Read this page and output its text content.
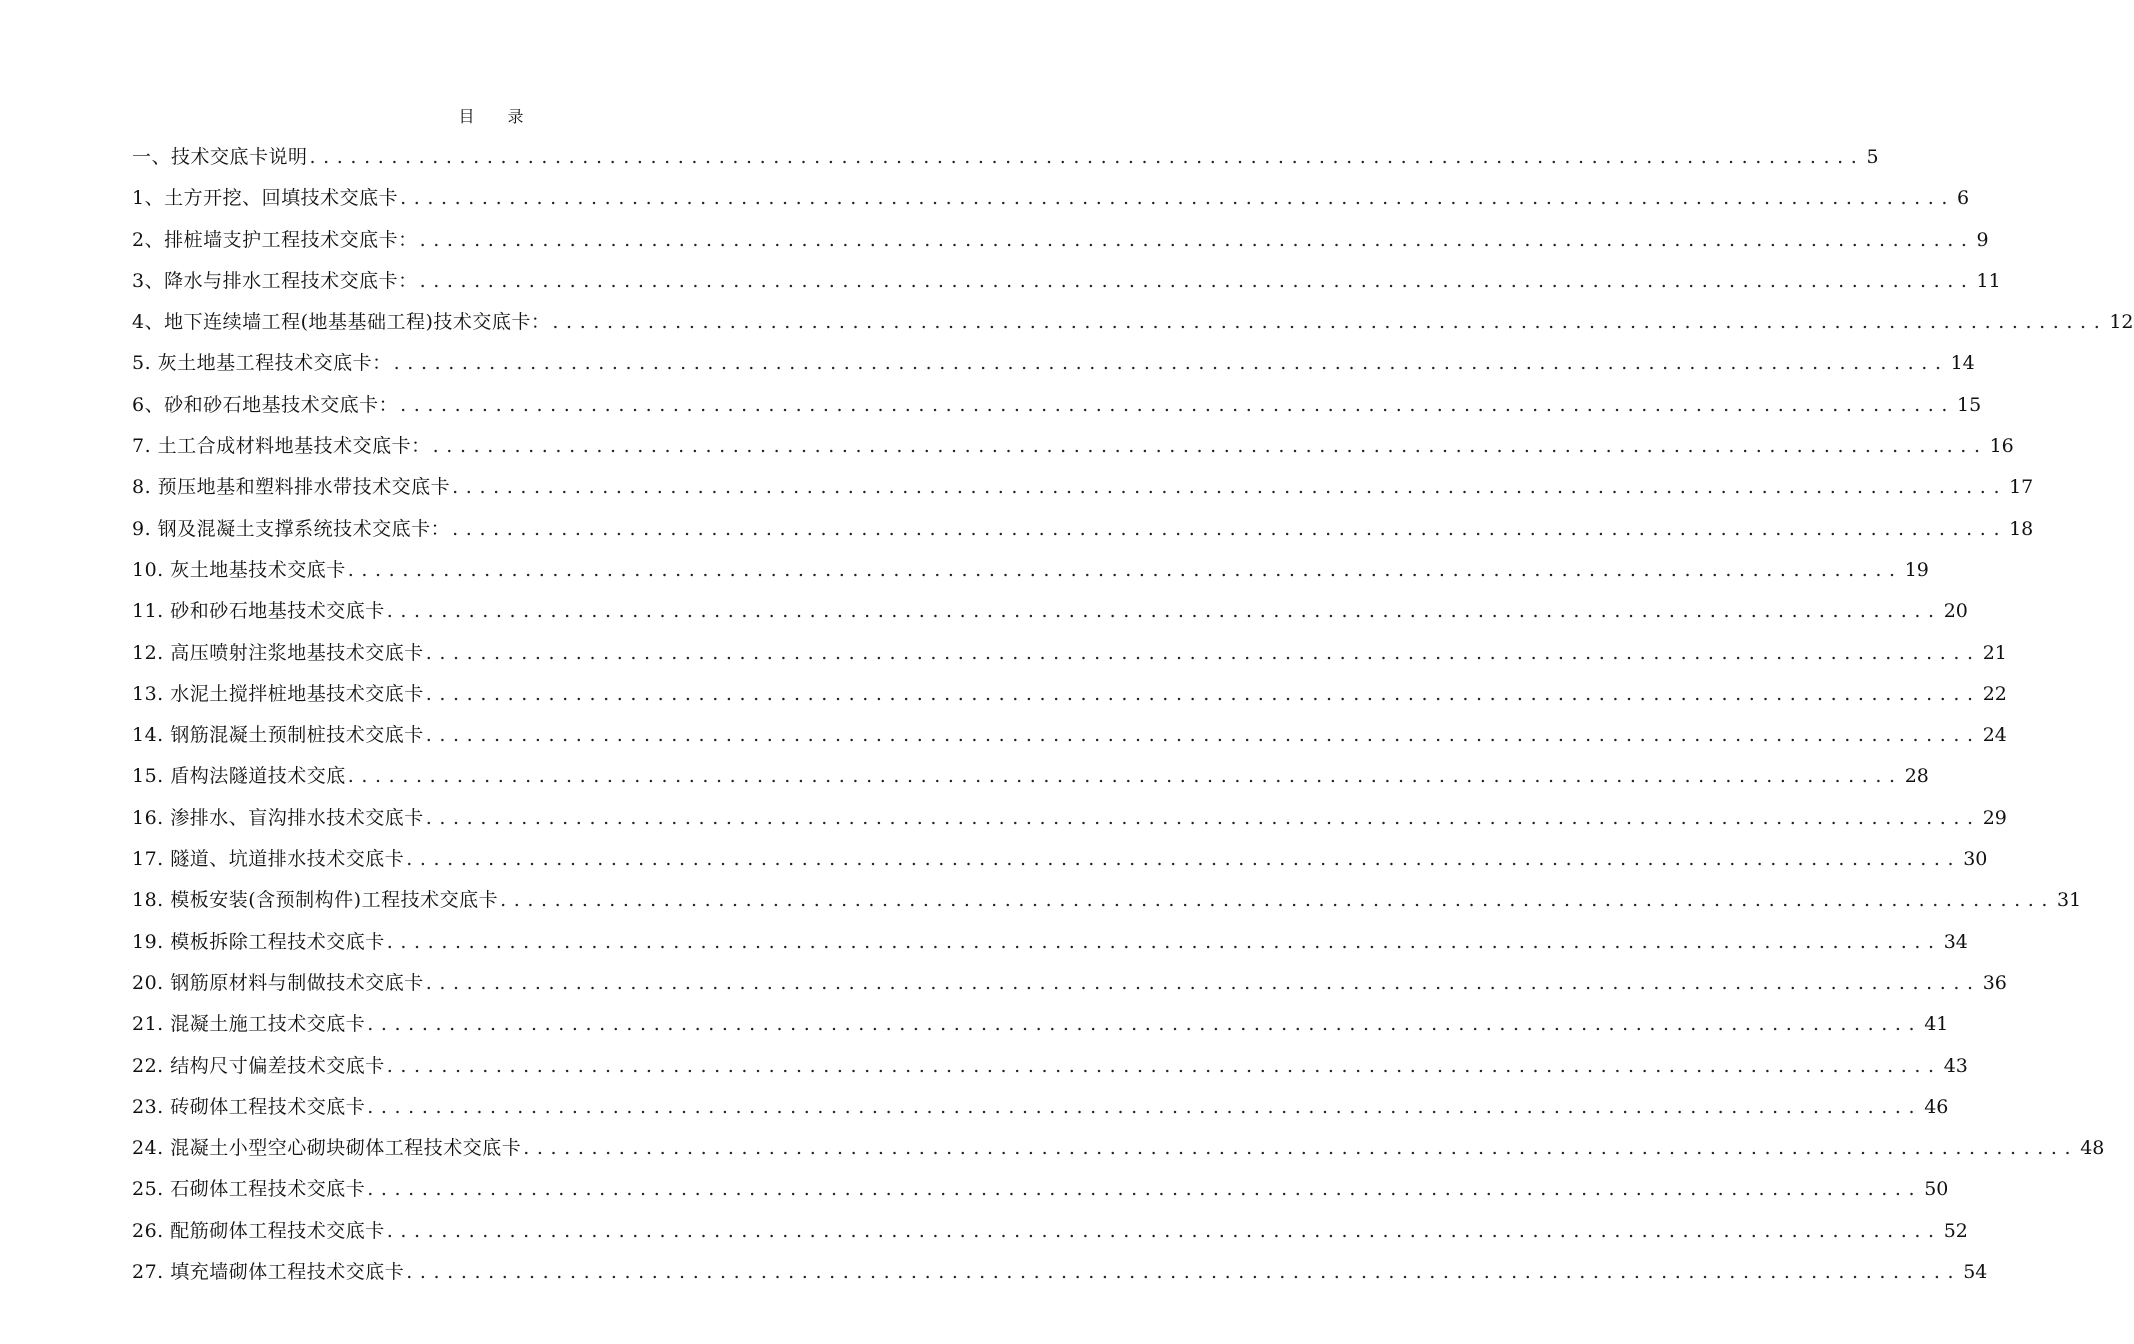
目 录
一、技术交底卡说明 .................................................................................................................. 5
1、土方开挖、回填技术交底卡 .................................................................................................................. 6
2、排桩墙支护工程技术交底卡： .................................................................................................................. 9
3、降水与排水工程技术交底卡： .................................................................................................................. 11
4、地下连续墙工程(地基基础工程)技术交底卡： .................................................................................................................. 12
5. 灰土地基工程技术交底卡： .................................................................................................................. 14
6、砂和砂石地基技术交底卡： .................................................................................................................. 15
7. 土工合成材料地基技术交底卡： .................................................................................................................. 16
8. 预压地基和塑料排水带技术交底卡 .................................................................................................................. 17
9. 钢及混凝土支撑系统技术交底卡： .................................................................................................................. 18
10. 灰土地基技术交底卡 .................................................................................................................. 19
11. 砂和砂石地基技术交底卡 .................................................................................................................. 20
12. 高压喷射注浆地基技术交底卡 .................................................................................................................. 21
13. 水泥土搅拌桩地基技术交底卡 .................................................................................................................. 22
14. 钢筋混凝土预制桩技术交底卡 .................................................................................................................. 24
15. 盾构法隧道技术交底 .................................................................................................................. 28
16. 渗排水、盲沟排水技术交底卡 .................................................................................................................. 29
17. 隧道、坑道排水技术交底卡 .................................................................................................................. 30
18. 模板安装(含预制构件)工程技术交底卡 .................................................................................................................. 31
19. 模板拆除工程技术交底卡 .................................................................................................................. 34
20. 钢筋原材料与制做技术交底卡 .................................................................................................................. 36
21. 混凝土施工技术交底卡 .................................................................................................................. 41
22. 结构尺寸偏差技术交底卡 .................................................................................................................. 43
23. 砖砌体工程技术交底卡 .................................................................................................................. 46
24. 混凝土小型空心砌块砌体工程技术交底卡 .................................................................................................................. 48
25. 石砌体工程技术交底卡 .................................................................................................................. 50
26. 配筋砌体工程技术交底卡 .................................................................................................................. 52
27. 填充墙砌体工程技术交底卡 .................................................................................................................. 54
